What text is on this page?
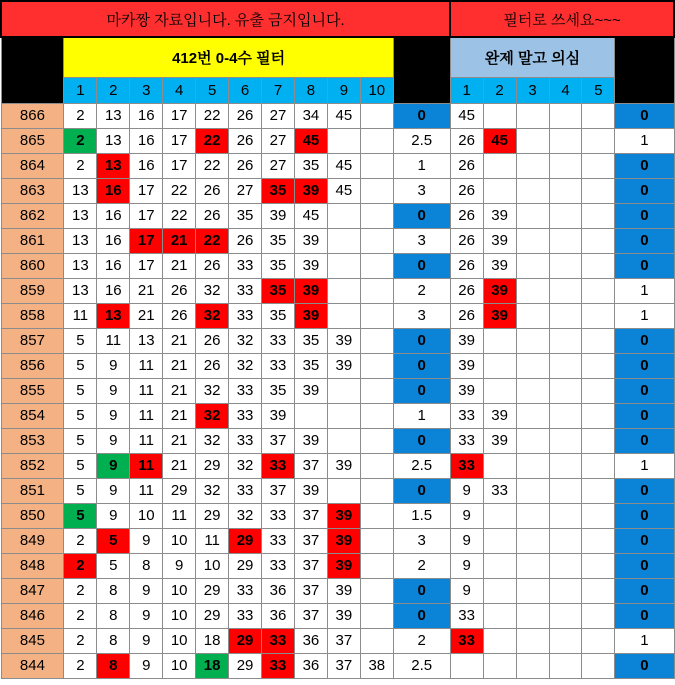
마카짱 자료입니다. 유출 금지입니다.												필터로 쓰세요~~~					
회차	412번 0-4수 필터										결과	완제 말고 의심					결과
	1	2	3	4	5	6	7	8	9	10		1	2	3	4	5	
866	2	13	16	17	22	26	27	34	45		0	45					0
865	2	13	16	17	22	26	27	45			2.5	26	45				1
864	2	13	16	17	22	26	27	35	45		1	26					0
863	13	16	17	22	26	27	35	39	45		3	26					0
862	13	16	17	22	26	35	39	45			0	26	39				0
861	13	16	17	21	22	26	35	39			3	26	39				0
860	13	16	17	21	26	33	35	39			0	26	39				0
859	13	16	21	26	32	33	35	39			2	26	39				1
858	11	13	21	26	32	33	35	39			3	26	39				1
857	5	11	13	21	26	32	33	35	39		0	39					0
856	5	9	11	21	26	32	33	35	39		0	39					0
855	5	9	11	21	32	33	35	39			0	39					0
854	5	9	11	21	32	33	39				1	33	39				0
853	5	9	11	21	32	33	37	39			0	33	39				0
852	5	9	11	21	29	32	33	37	39		2.5	33					1
851	5	9	11	29	32	33	37	39			0	9	33				0
850	5	9	10	11	29	32	33	37	39		1.5	9					0
849	2	5	9	10	11	29	33	37	39		3	9					0
848	2	5	8	9	10	29	33	37	39		2	9					0
847	2	8	9	10	29	33	36	37	39		0	9					0
846	2	8	9	10	29	33	36	37	39		0	33					0
845	2	8	9	10	18	29	33	36	37		2	33					1
844	2	8	9	10	18	29	33	36	37	38	2.5						0
